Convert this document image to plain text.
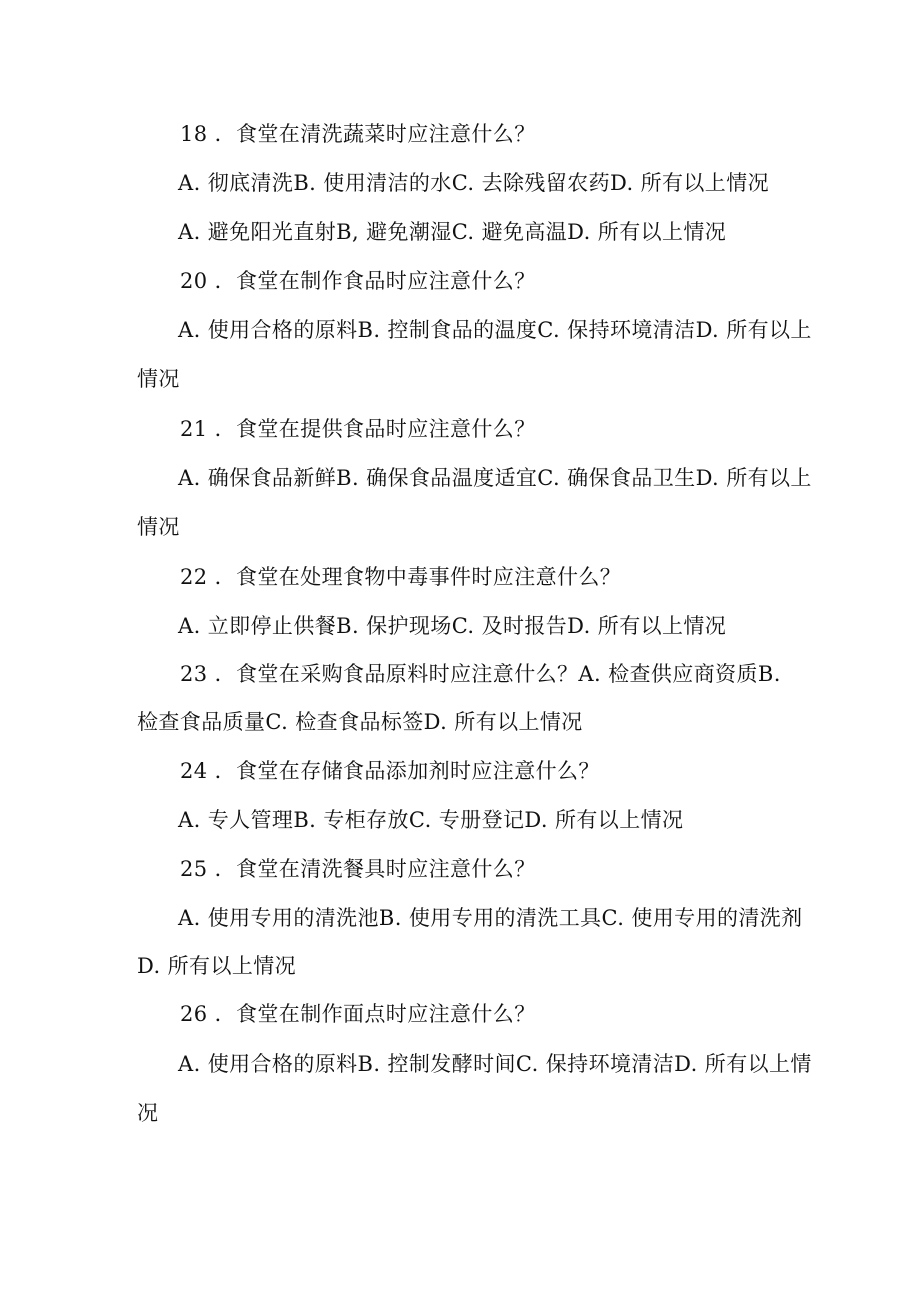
18 ．食堂在清洗蔬菜时应注意什么？
A. 彻底清洗B. 使用清洁的水C. 去除残留农药D. 所有以上情况
A. 避免阳光直射B, 避免潮湿C. 避免高温D. 所有以上情况
20 ．食堂在制作食品时应注意什么？
A. 使用合格的原料B. 控制食品的温度C. 保持环境清洁D. 所有以上
情况
21 ．食堂在提供食品时应注意什么？
A. 确保食品新鲜B. 确保食品温度适宜C. 确保食品卫生D. 所有以上
情况
22 ．食堂在处理食物中毒事件时应注意什么？
A. 立即停止供餐B. 保护现场C. 及时报告D. 所有以上情况
23 ．食堂在采购食品原料时应注意什么？A. 检查供应商资质B.
检查食品质量C. 检查食品标签D. 所有以上情况
24 ．食堂在存储食品添加剂时应注意什么？
A. 专人管理B. 专柜存放C. 专册登记D. 所有以上情况
25 ．食堂在清洗餐具时应注意什么？
A. 使用专用的清洗池B. 使用专用的清洗工具C. 使用专用的清洗剂
D. 所有以上情况
26 ．食堂在制作面点时应注意什么？
A. 使用合格的原料B. 控制发酵时间C. 保持环境清洁D. 所有以上情
况
